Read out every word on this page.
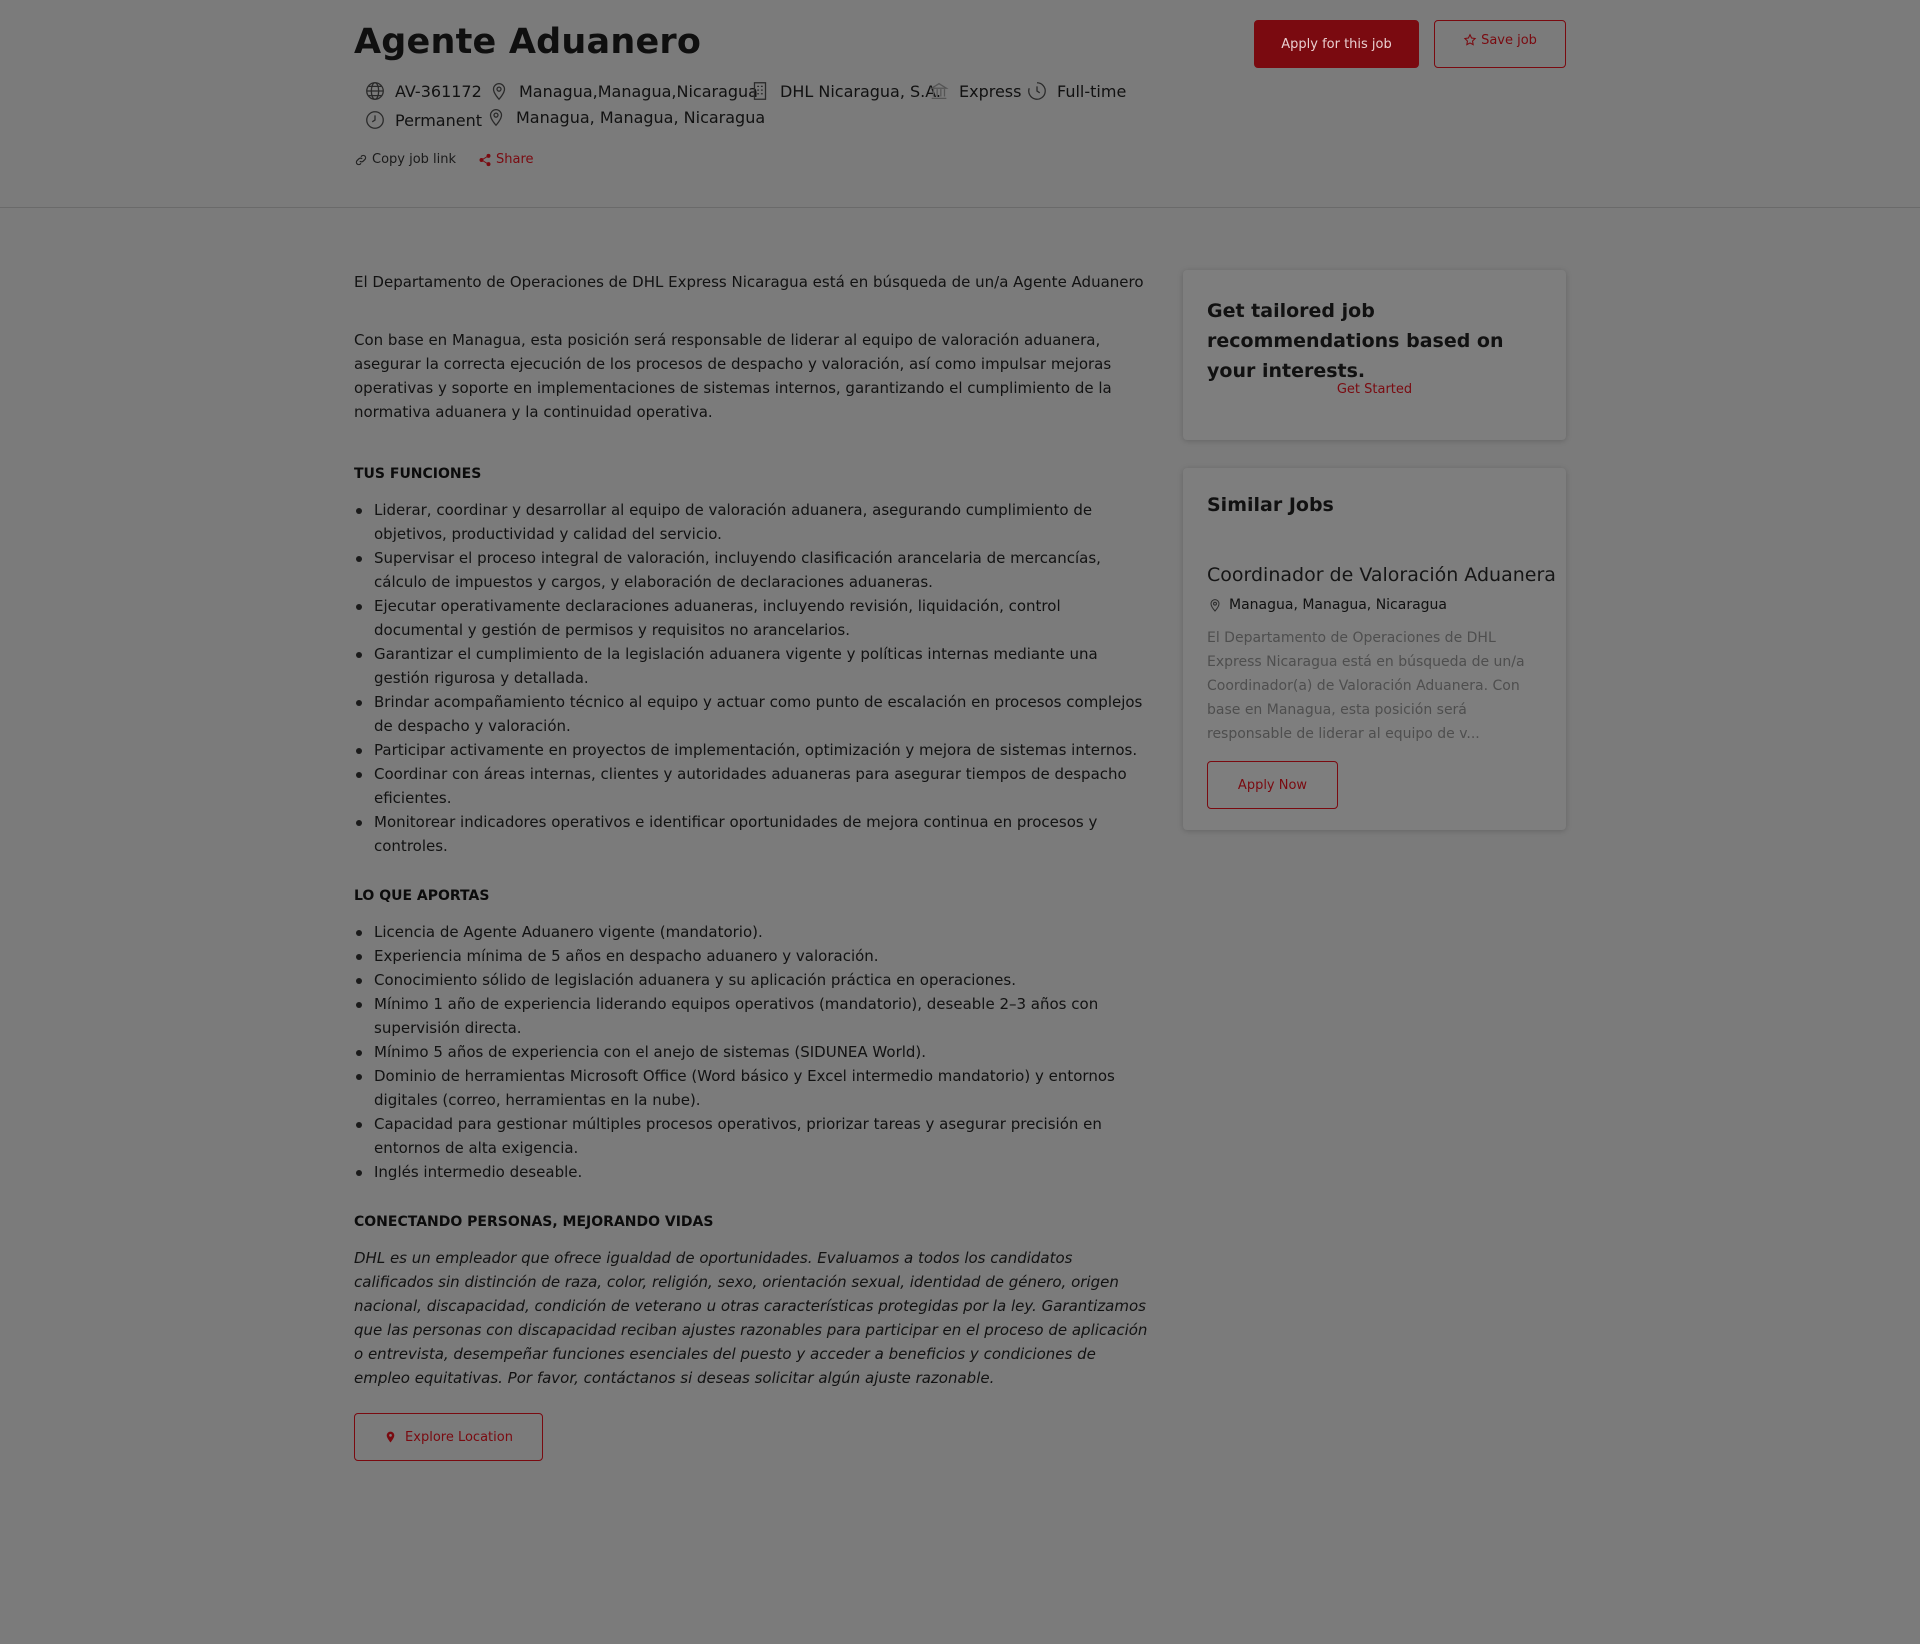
Agente Aduanero
AV-361172 Managua,Managua,Nicaragua DHL Nicaragua, S.A. Express Full-time
Permanent Managua, Managua, Nicaragua
Apply for this job	Save job
Copy job link	Share

El Departamento de Operaciones de DHL Express Nicaragua está en búsqueda de un/a Agente Aduanero

Con base en Managua, esta posición será responsable de liderar al equipo de valoración aduanera, asegurar la correcta ejecución de los procesos de despacho y valoración, así como impulsar mejoras operativas y soporte en implementaciones de sistemas internos, garantizando el cumplimiento de la normativa aduanera y la continuidad operativa.

TUS FUNCIONES
Liderar, coordinar y desarrollar al equipo de valoración aduanera, asegurando cumplimiento de objetivos, productividad y calidad del servicio.
Supervisar el proceso integral de valoración, incluyendo clasificación arancelaria de mercancías, cálculo de impuestos y cargos, y elaboración de declaraciones aduaneras.
Ejecutar operativamente declaraciones aduaneras, incluyendo revisión, liquidación, control documental y gestión de permisos y requisitos no arancelarios.
Garantizar el cumplimiento de la legislación aduanera vigente y políticas internas mediante una gestión rigurosa y detallada.
Brindar acompañamiento técnico al equipo y actuar como punto de escalación en procesos complejos de despacho y valoración.
Participar activamente en proyectos de implementación, optimización y mejora de sistemas internos.
Coordinar con áreas internas, clientes y autoridades aduaneras para asegurar tiempos de despacho eficientes.
Monitorear indicadores operativos e identificar oportunidades de mejora continua en procesos y controles.
LO QUE APORTAS
Licencia de Agente Aduanero vigente (mandatorio).
Experiencia mínima de 5 años en despacho aduanero y valoración.
Conocimiento sólido de legislación aduanera y su aplicación práctica en operaciones.
Mínimo 1 año de experiencia liderando equipos operativos (mandatorio), deseable 2–3 años con supervisión directa.
Mínimo 5 años de experiencia con el anejo de sistemas (SIDUNEA World).
Dominio de herramientas Microsoft Office (Word básico y Excel intermedio mandatorio) y entornos digitales (correo, herramientas en la nube).
Capacidad para gestionar múltiples procesos operativos, priorizar tareas y asegurar precisión en entornos de alta exigencia.
Inglés intermedio deseable.
CONECTANDO PERSONAS, MEJORANDO VIDAS

DHL es un empleador que ofrece igualdad de oportunidades. Evaluamos a todos los candidatos calificados sin distinción de raza, color, religión, sexo, orientación sexual, identidad de género, origen nacional, discapacidad, condición de veterano u otras características protegidas por la ley. Garantizamos que las personas con discapacidad reciban ajustes razonables para participar en el proceso de aplicación o entrevista, desempeñar funciones esenciales del puesto y acceder a beneficios y condiciones de empleo equitativas. Por favor, contáctanos si deseas solicitar algún ajuste razonable.

Explore Location
Get tailored job recommendations based on your interests.
Get Started
Similar Jobs
Coordinador de Valoración Aduanera
Managua, Managua, Nicaragua
El Departamento de Operaciones de DHL Express Nicaragua está en búsqueda de un/a Coordinador(a) de Valoración Aduanera. Con base en Managua, esta posición será responsable de liderar al equipo de v...
Apply Now
